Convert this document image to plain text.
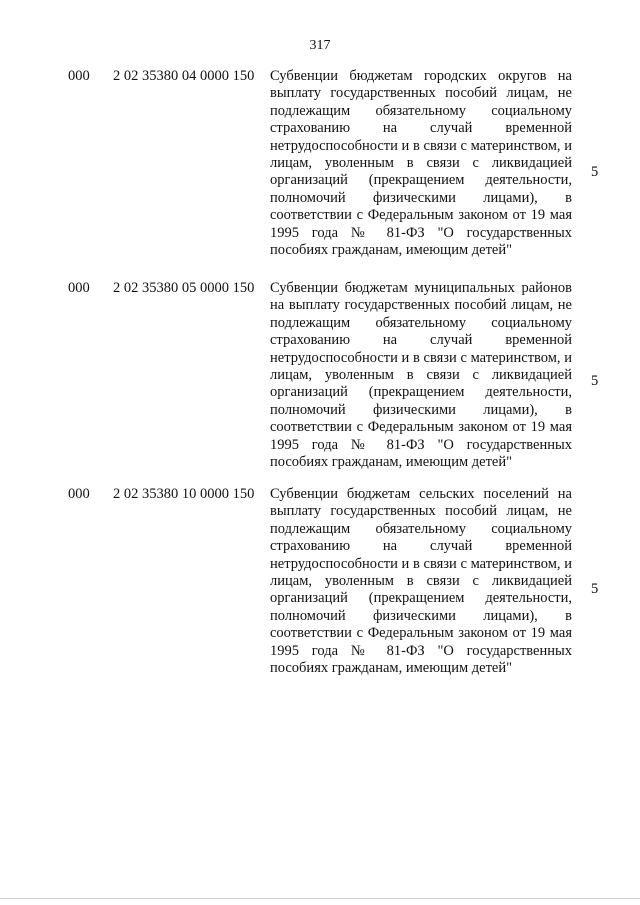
317
000 2 02 35380 04 0000 150 Субвенции бюджетам городских округов на выплату государственных пособий лицам, не подлежащим обязательному социальному страхованию на случай временной нетрудоспособности и в связи с материнством, и лицам, уволенным в связи с ликвидацией организаций (прекращением деятельности, полномочий физическими лицами), в соответствии с Федеральным законом от 19 мая 1995 года № 81-ФЗ "О государственных пособиях гражданам, имеющим детей"
5
000 2 02 35380 05 0000 150 Субвенции бюджетам муниципальных районов на выплату государственных пособий лицам, не подлежащим обязательному социальному страхованию на случай временной нетрудоспособности и в связи с материнством, и лицам, уволенным в связи с ликвидацией организаций (прекращением деятельности, полномочий физическими лицами), в соответствии с Федеральным законом от 19 мая 1995 года № 81-ФЗ "О государственных пособиях гражданам, имеющим детей"
5
000 2 02 35380 10 0000 150 Субвенции бюджетам сельских поселений на выплату государственных пособий лицам, не подлежащим обязательному социальному страхованию на случай временной нетрудоспособности и в связи с материнством, и лицам, уволенным в связи с ликвидацией организаций (прекращением деятельности, полномочий физическими лицами), в соответствии с Федеральным законом от 19 мая 1995 года № 81-ФЗ "О государственных пособиях гражданам, имеющим детей"
5
